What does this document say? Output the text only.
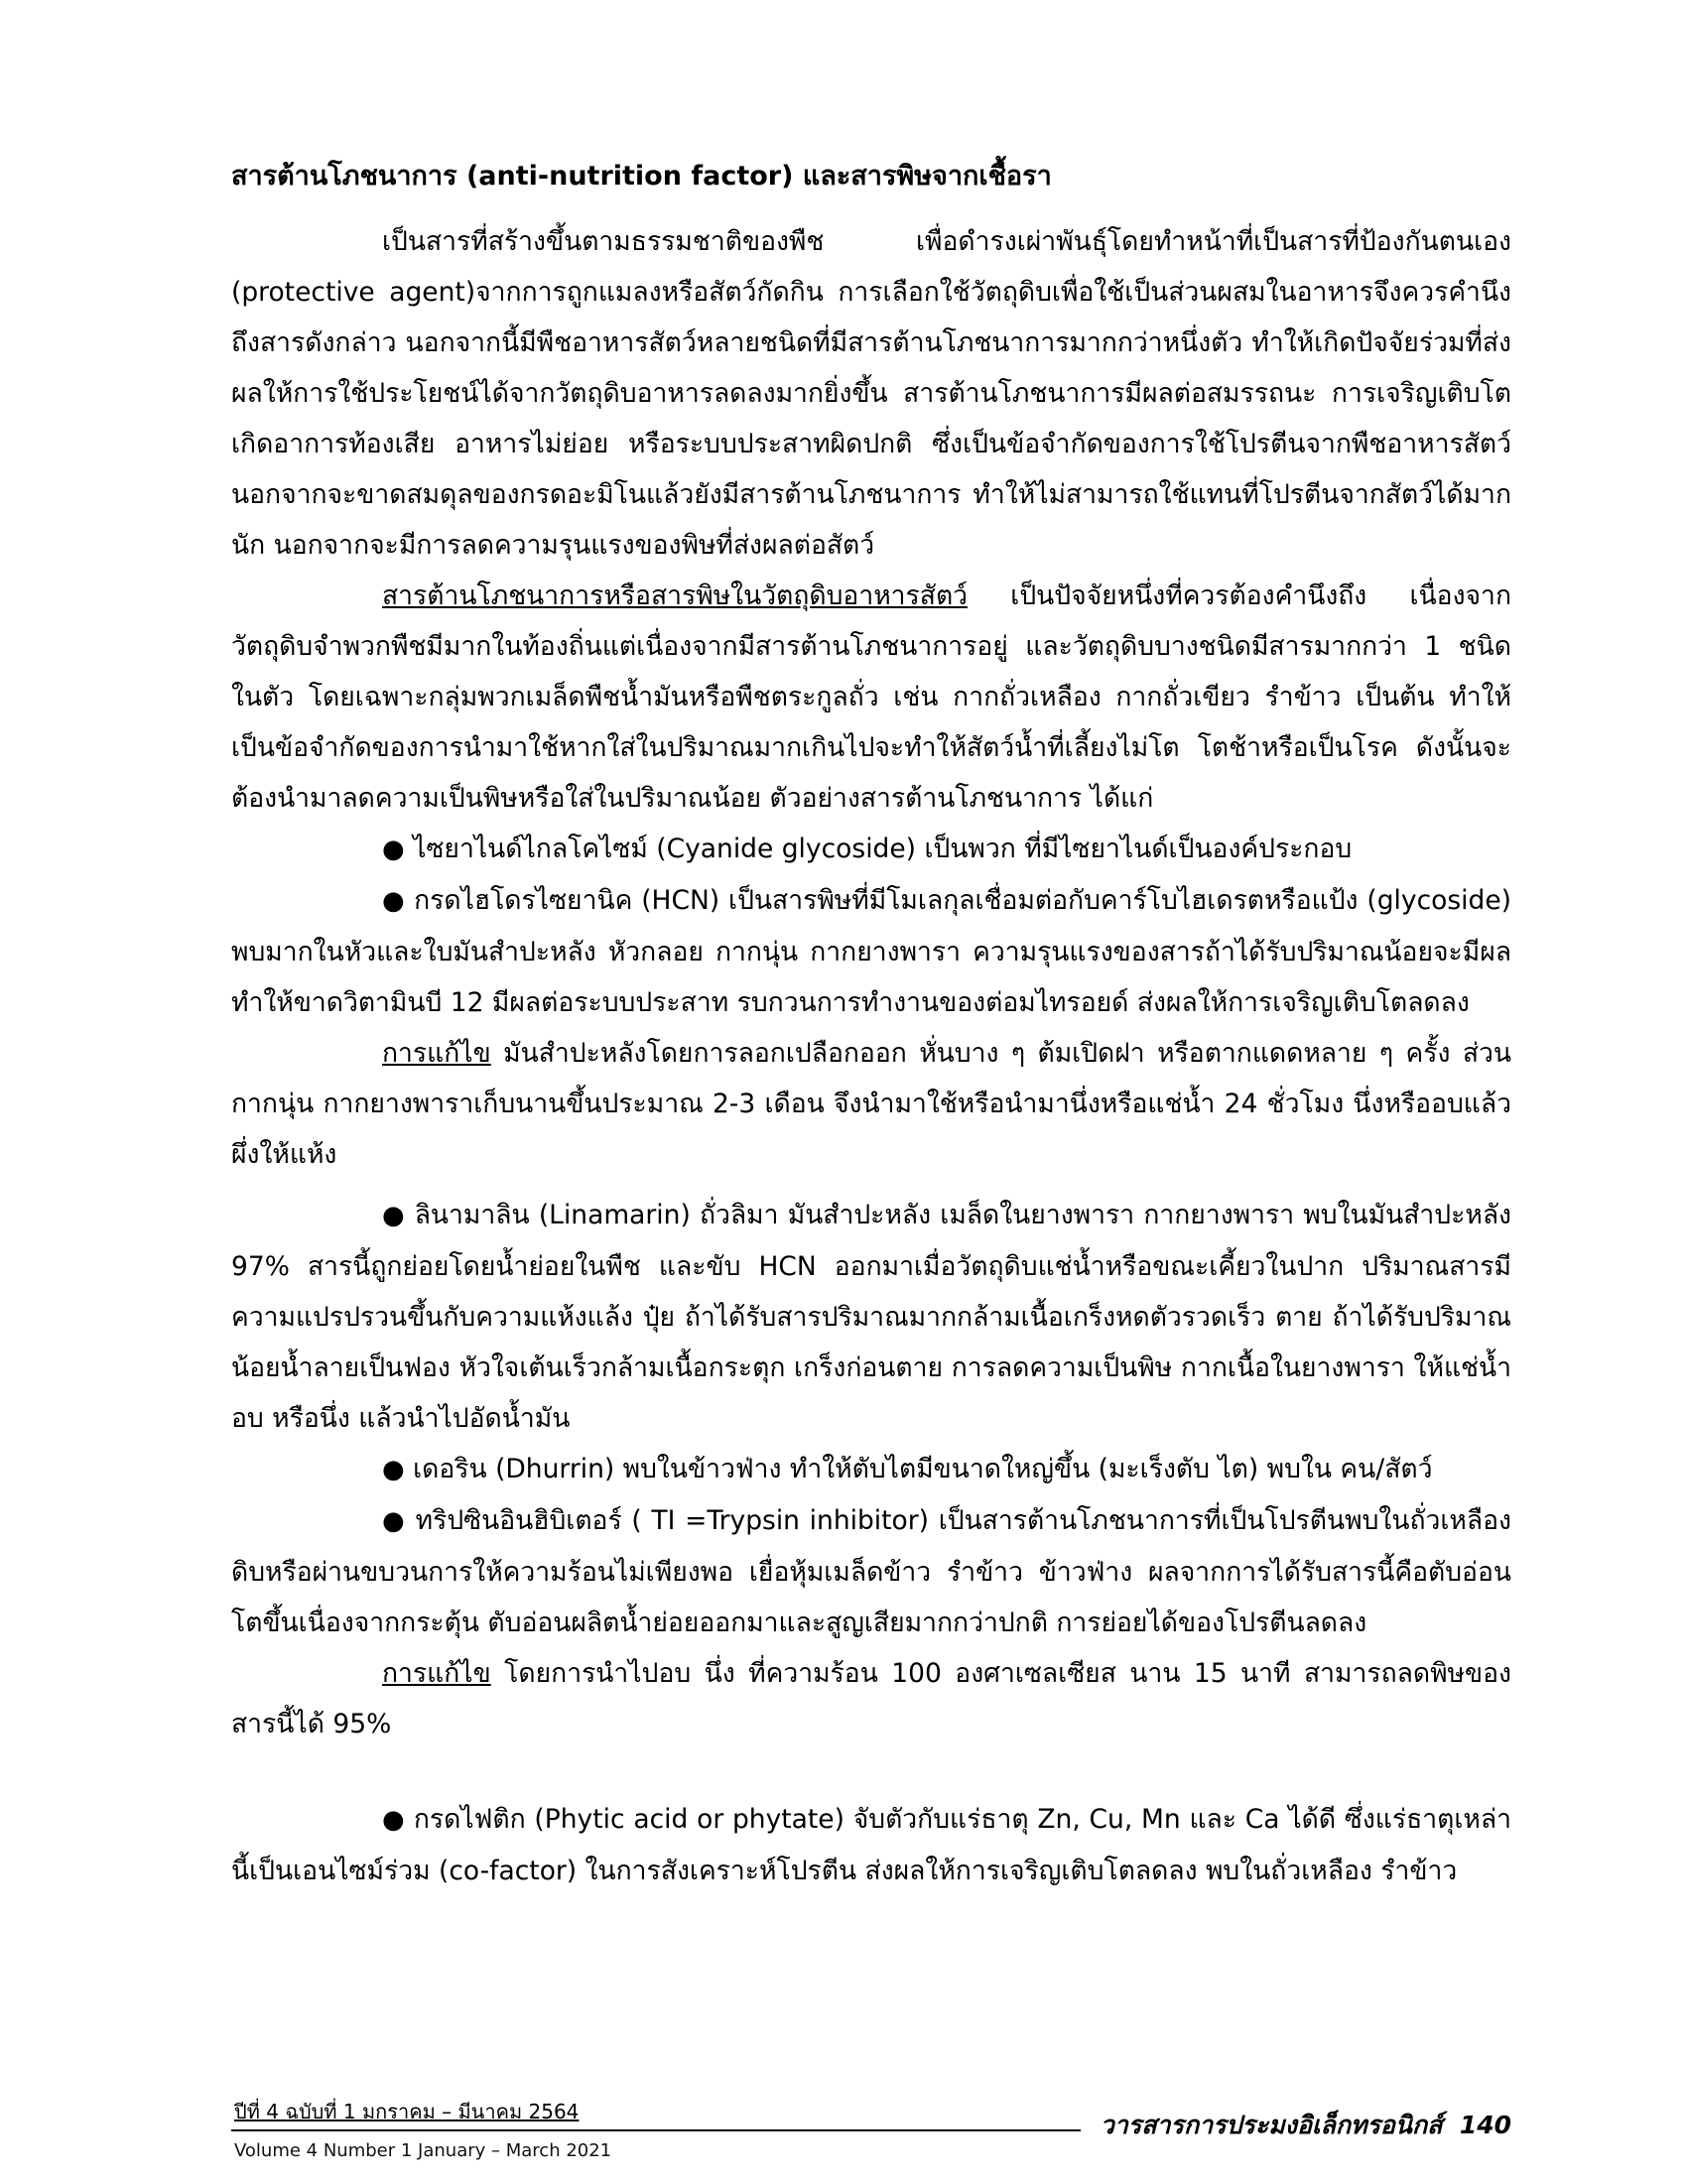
สารต้านโภชนาการ (anti-nutrition factor) และสารพิษจากเชื้อรา

เป็นสารที่สร้างขึ้นตามธรรมชาติของพืช เพื่อดำรงเผ่าพันธุ์โดยทำหน้าที่เป็นสารที่ป้องกันตนเอง (protective agent)จากการถูกแมลงหรือสัตว์กัดกิน การเลือกใช้วัตถุดิบเพื่อใช้เป็นส่วนผสมในอาหารจึงควรคำนึงถึงสารดังกล่าว นอกจากนี้มีพืชอาหารสัตว์หลายชนิดที่มีสารต้านโภชนาการมากกว่าหนึ่งตัว ทำให้เกิดปัจจัยร่วมที่ส่งผลให้การใช้ประโยชน์ได้จากวัตถุดิบอาหารลดลงมากยิ่งขึ้น สารต้านโภชนาการมีผลต่อสมรรถนะ การเจริญเติบโต เกิดอาการท้องเสีย อาหารไม่ย่อย หรือระบบประสาทผิดปกติ ซึ่งเป็นข้อจำกัดของการใช้โปรตีนจากพืชอาหารสัตว์นอกจากจะขาดสมดุลของกรดอะมิโนแล้วยังมีสารต้านโภชนาการ ทำให้ไม่สามารถใช้แทนที่โปรตีนจากสัตว์ได้มากนัก นอกจากจะมีการลดความรุนแรงของพิษที่ส่งผลต่อสัตว์

สารต้านโภชนาการหรือสารพิษในวัตถุดิบอาหารสัตว์ เป็นปัจจัยหนึ่งที่ควรต้องคำนึงถึง เนื่องจากวัตถุดิบจำพวกพืชมีมากในท้องถิ่นแต่เนื่องจากมีสารต้านโภชนาการอยู่ และวัตถุดิบบางชนิดมีสารมากกว่า 1 ชนิดในตัว โดยเฉพาะกลุ่มพวกเมล็ดพืชน้ำมันหรือพืชตระกูลถั่ว เช่น กากถั่วเหลือง กากถั่วเขียว รำข้าว เป็นต้น ทำให้เป็นข้อจำกัดของการนำมาใช้หากใส่ในปริมาณมากเกินไปจะทำให้สัตว์น้ำที่เลี้ยงไม่โต โตช้าหรือเป็นโรค ดังนั้นจะต้องนำมาลดความเป็นพิษหรือใส่ในปริมาณน้อย ตัวอย่างสารต้านโภชนาการ ได้แก่

● ไซยาไนด์ไกลโคไซม์ (Cyanide glycoside) เป็นพวก ที่มีไซยาไนด์เป็นองค์ประกอบ

● กรดไฮโดรไซยานิค (HCN) เป็นสารพิษที่มีโมเลกุลเชื่อมต่อกับคาร์โบไฮเดรตหรือแป้ง (glycoside) พบมากในหัวและใบมันสำปะหลัง หัวกลอย กากนุ่น กากยางพารา ความรุนแรงของสารถ้าได้รับปริมาณน้อยจะมีผลทำให้ขาดวิตามินบี 12 มีผลต่อระบบประสาท รบกวนการทำงานของต่อมไทรอยด์ ส่งผลให้การเจริญเติบโตลดลง

การแก้ไข มันสำปะหลังโดยการลอกเปลือกออก หั่นบาง ๆ ต้มเปิดฝา หรือตากแดดหลาย ๆ ครั้ง ส่วนกากนุ่น กากยางพาราเก็บนานขึ้นประมาณ 2-3 เดือน จึงนำมาใช้หรือนำมานึ่งหรือแช่น้ำ 24 ชั่วโมง นึ่งหรืออบแล้วผึ่งให้แห้ง

● ลินามาลิน (Linamarin) ถั่วลิมา มันสำปะหลัง เมล็ดในยางพารา กากยางพารา พบในมันสำปะหลัง 97% สารนี้ถูกย่อยโดยน้ำย่อยในพืช และขับ HCN ออกมาเมื่อวัตถุดิบแช่น้ำหรือขณะเคี้ยวในปาก ปริมาณสารมีความแปรปรวนขึ้นกับความแห้งแล้ง ปุ๋ย ถ้าได้รับสารปริมาณมากกล้ามเนื้อเกร็งหดตัวรวดเร็ว ตาย ถ้าได้รับปริมาณน้อยน้ำลายเป็นฟอง หัวใจเต้นเร็วกล้ามเนื้อกระตุก เกร็งก่อนตาย การลดความเป็นพิษ กากเนื้อในยางพารา ให้แช่น้ำ อบ หรือนึ่ง แล้วนำไปอัดน้ำมัน

● เดอริน (Dhurrin) พบในข้าวฟ่าง ทำให้ตับไตมีขนาดใหญ่ขึ้น (มะเร็งตับ ไต) พบใน คน/สัตว์

● ทริปซินอินฮิบิเตอร์ ( TI =Trypsin inhibitor) เป็นสารต้านโภชนาการที่เป็นโปรตีนพบในถั่วเหลืองดิบหรือผ่านขบวนการให้ความร้อนไม่เพียงพอ เยื่อหุ้มเมล็ดข้าว รำข้าว ข้าวฟ่าง ผลจากการได้รับสารนี้คือตับอ่อนโตขึ้นเนื่องจากกระตุ้น ตับอ่อนผลิตน้ำย่อยออกมาและสูญเสียมากกว่าปกติ การย่อยได้ของโปรตีนลดลง

การแก้ไข โดยการนำไปอบ นึ่ง ที่ความร้อน 100 องศาเซลเซียส นาน 15 นาที สามารถลดพิษของสารนี้ได้ 95%

● กรดไฟติก (Phytic acid or phytate) จับตัวกับแร่ธาตุ Zn, Cu, Mn และ Ca ได้ดี ซึ่งแร่ธาตุเหล่านี้เป็นเอนไซม์ร่วม (co-factor) ในการสังเคราะห์โปรตีน ส่งผลให้การเจริญเติบโตลดลง พบในถั่วเหลือง รำข้าว

ปีที่ 4 ฉบับที่ 1 มกราคม – มีนาคม 2564
Volume 4 Number 1 January – March 2021
วารสารการประมงอิเล็กทรอนิกส์ 140
